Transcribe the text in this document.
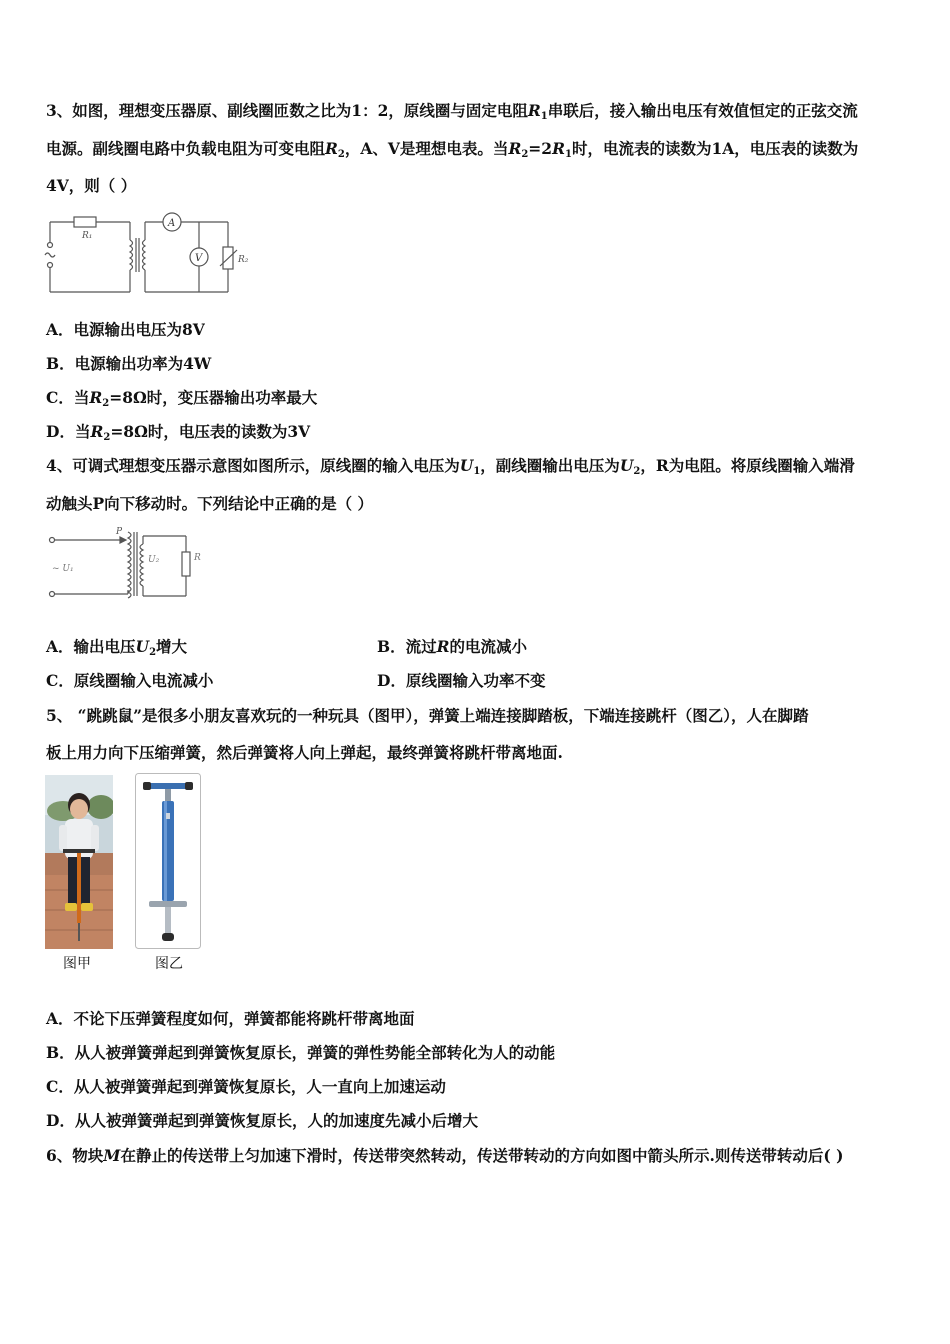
3、如图，理想变压器原、副线圈匝数之比为1：2，原线圈与固定电阻$R_1$串联后，接入输出电压有效值恒定的正弦交流
电源。副线圈电路中负载电阻为可变电阻$R_2$，A、V是理想电表。当$R_2=2R_1$时，电流表的读数为1A，电压表的读数为
4V，则（ ）
R₁
A
V	R₂
A．电源输出电压为8V
B．电源输出功率为4W
C．当$R_2=8\Omega$时，变压器输出功率最大
D．当$R_2=8\Omega$时，电压表的读数为3V
4、可调式理想变压器示意图如图所示，原线圈的输入电压为$U_1$，副线圈输出电压为$U_2$，R为电阻。将原线圈输入端滑
动触头P向下移动时。下列结论中正确的是（ ）
P
~ U₁
U₂	R
A．输出电压$U_2$增大	B．流过R的电流减小
C．原线圈输入电流减小	D．原线圈输入功率不变
5、 “跳跳鼠”是很多小朋友喜欢玩的一种玩具（图甲），弹簧上端连接脚踏板，下端连接跳杆（图乙），人在脚踏
板上用力向下压缩弹簧，然后弹簧将人向上弹起，最终弹簧将跳杆带离地面.
图甲	图乙
A．不论下压弹簧程度如何，弹簧都能将跳杆带离地面
B．从人被弹簧弹起到弹簧恢复原长，弹簧的弹性势能全部转化为人的动能
C．从人被弹簧弹起到弹簧恢复原长，人一直向上加速运动
D．从人被弹簧弹起到弹簧恢复原长，人的加速度先减小后增大
6、物块M在静止的传送带上匀加速下滑时，传送带突然转动，传送带转动的方向如图中箭头所示.则传送带转动后( )
